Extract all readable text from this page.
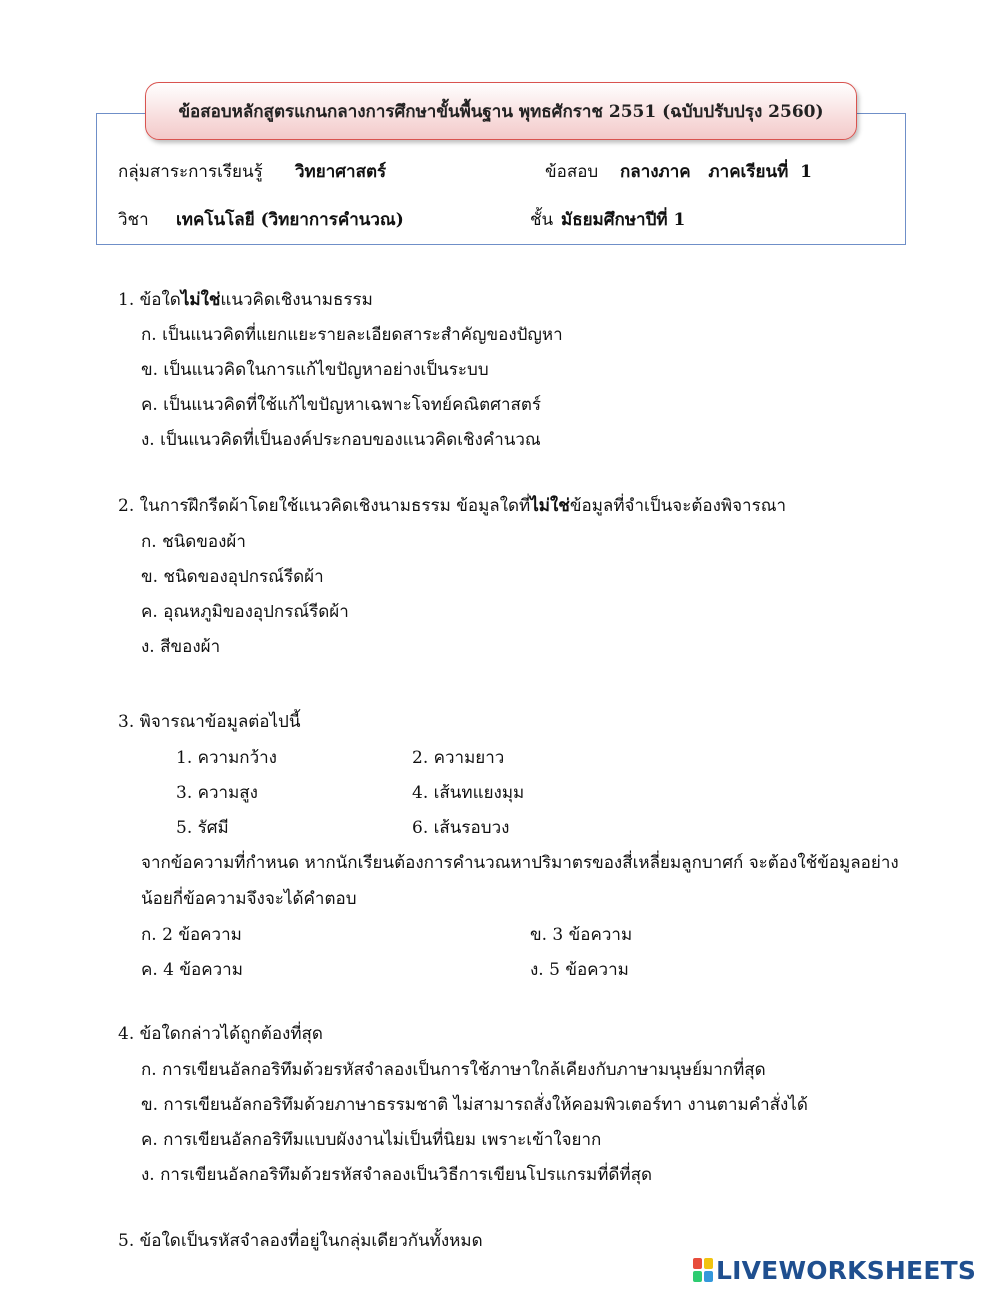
ข้อสอบหลักสูตรแกนกลางการศึกษาขั้นพื้นฐาน พุทธศักราช 2551 (ฉบับปรับปรุง 2560)
กลุ่มสาระการเรียนรู้ วิทยาศาสตร์	ข้อสอบ กลางภาค   ภาคเรียนที่  1
วิชา เทคโนโลยี (วิทยาการคำนวณ)	ชั้น มัธยมศึกษาปีที่ 1
1. ข้อใดไม่ใช่แนวคิดเชิงนามธรรม
ก. เป็นแนวคิดที่แยกแยะรายละเอียดสาระสำคัญของปัญหา
ข. เป็นแนวคิดในการแก้ไขปัญหาอย่างเป็นระบบ
ค. เป็นแนวคิดที่ใช้แก้ไขปัญหาเฉพาะโจทย์คณิตศาสตร์
ง. เป็นแนวคิดที่เป็นองค์ประกอบของแนวคิดเชิงคำนวณ
2. ในการฝึกรีดผ้าโดยใช้แนวคิดเชิงนามธรรม ข้อมูลใดที่ไม่ใช่ข้อมูลที่จำเป็นจะต้องพิจารณา
ก. ชนิดของผ้า
ข. ชนิดของอุปกรณ์รีดผ้า
ค. อุณหภูมิของอุปกรณ์รีดผ้า
ง. สีของผ้า
3. พิจารณาข้อมูลต่อไปนี้
1. ความกว้าง	2. ความยาว
3. ความสูง	4. เส้นทแยงมุม
5. รัศมี	6. เส้นรอบวง
จากข้อความที่กำหนด หากนักเรียนต้องการคำนวณหาปริมาตรของสี่เหลี่ยมลูกบาศก์ จะต้องใช้ข้อมูลอย่าง
น้อยกี่ข้อความจึงจะได้คำตอบ
ก. 2 ข้อความ	ข. 3 ข้อความ
ค. 4 ข้อความ	ง. 5 ข้อความ
4. ข้อใดกล่าวได้ถูกต้องที่สุด
ก. การเขียนอัลกอริทึมด้วยรหัสจำลองเป็นการใช้ภาษาใกล้เคียงกับภาษามนุษย์มากที่สุด
ข. การเขียนอัลกอริทึมด้วยภาษาธรรมชาติ ไม่สามารถสั่งให้คอมพิวเตอร์ทา งานตามคำสั่งได้
ค. การเขียนอัลกอริทึมแบบผังงานไม่เป็นที่นิยม เพราะเข้าใจยาก
ง. การเขียนอัลกอริทึมด้วยรหัสจำลองเป็นวิธีการเขียนโปรแกรมที่ดีที่สุด
5. ข้อใดเป็นรหัสจำลองที่อยู่ในกลุ่มเดียวกันทั้งหมด
LIVEWORKSHEETS
